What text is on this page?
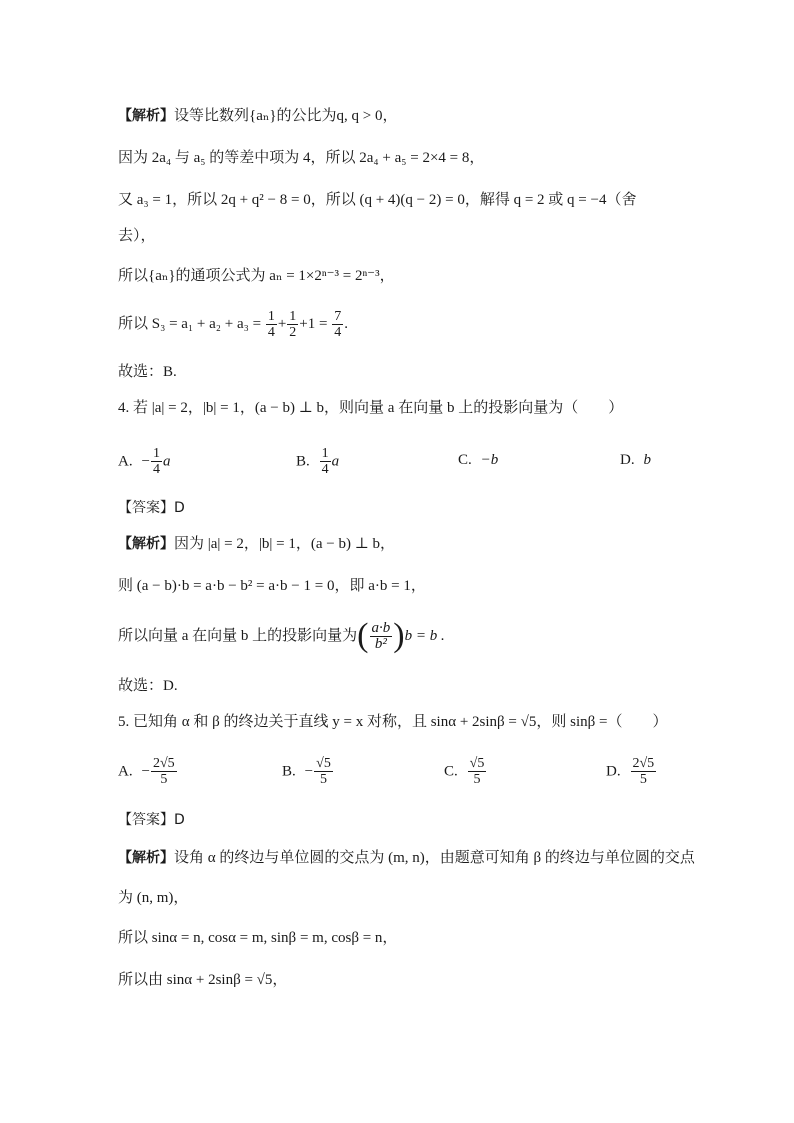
【解析】设等比数列{aₙ}的公比为q, q > 0，
因为 2a₄ 与 a₅ 的等差中项为 4，所以 2a₄ + a₅ = 2×4 = 8，
又 a₃ = 1，所以 2q + q² − 8 = 0，所以 (q + 4)(q − 2) = 0，解得 q = 2 或 q = −4（舍
去），
所以{aₙ}的通项公式为 aₙ = 1×2ⁿ⁻³ = 2ⁿ⁻³，
所以 $S_3 = a_1 + a_2 + a_3 = \frac{1}{4} + \frac{1}{2} +1 = \frac{7}{4}$ .
故选：B.
4. 若 |a| = 2，|b| = 1，(a − b) ⊥ b，则向量 a 在向量 b 上的投影向量为（　　）
A. − $\frac{1}{4}$ a	B. $\frac{1}{4}$ a	C. −b	D. b
【答案】D
【解析】因为 |a| = 2，|b| = 1，(a − b) ⊥ b，
则 (a − b)·b = a·b − b² = a·b − 1 = 0，即 a·b = 1，
所以向量 a 在向量 b 上的投影向量为( $\frac{a\cdot b}{\text{b²}} )b = b$ .
故选：D.
5. 已知角 α 和 β 的终边关于直线 y = x 对称，且 sinα + 2sinβ = √5，则 sinβ =（　　）
A. − $\frac{2√5}{5}$	B. − $\frac{√5}{5}$	C. $\frac{√5}{5}$	D. $\frac{2√5}{5}$
【答案】D
【解析】设角 α 的终边与单位圆的交点为 (m, n)，由题意可知角 β 的终边与单位圆的交点
为 (n, m)，
所以 sinα = n, cosα = m, sinβ = m, cosβ = n，
所以由 sinα + 2sinβ = √5，
